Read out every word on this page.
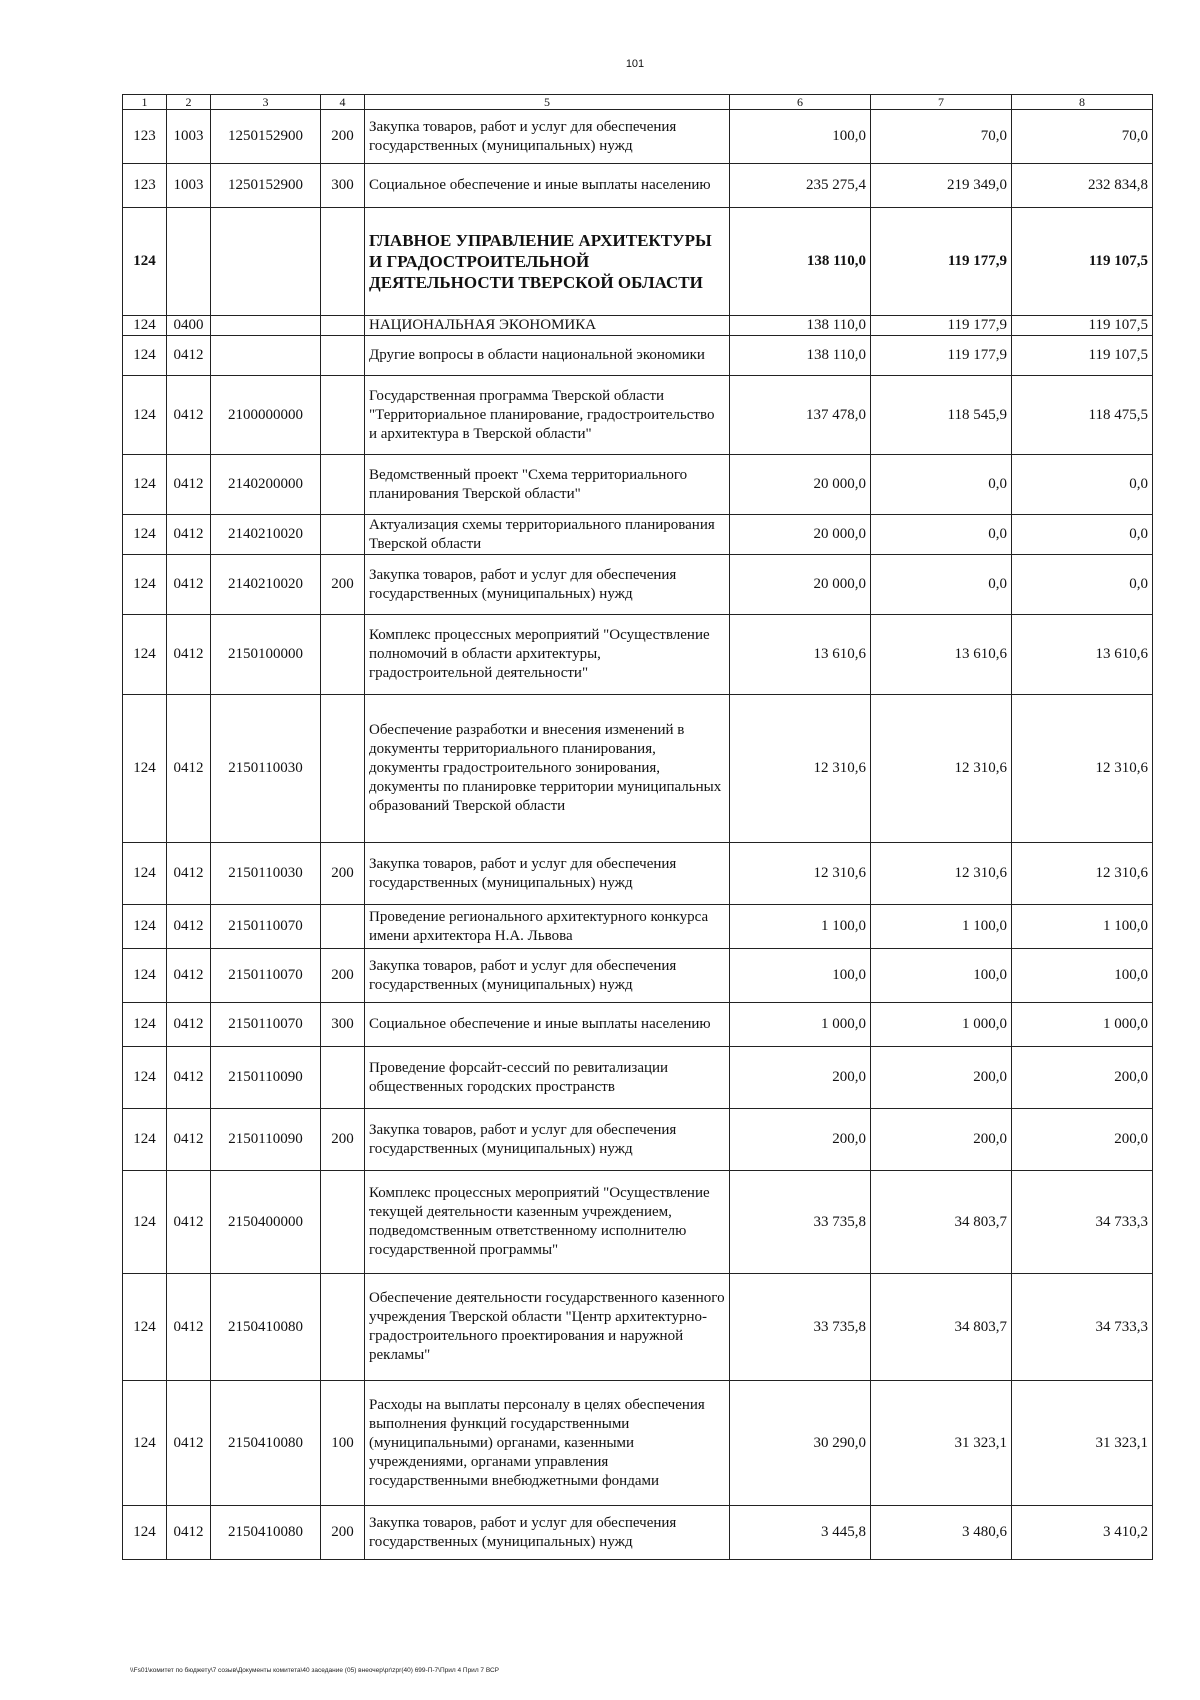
101
1	2	3	4	5	6	7	8
123	1003	1250152900	200	Закупка товаров, работ и услуг для обеспечения государственных (муниципальных) нужд	100,0	70,0	70,0
123	1003	1250152900	300	Социальное обеспечение и иные выплаты населению	235 275,4	219 349,0	232 834,8
124				ГЛАВНОЕ УПРАВЛЕНИЕ АРХИТЕКТУРЫ И ГРАДОСТРОИТЕЛЬНОЙ ДЕЯТЕЛЬНОСТИ ТВЕРСКОЙ ОБЛАСТИ	138 110,0	119 177,9	119 107,5
124	0400			НАЦИОНАЛЬНАЯ ЭКОНОМИКА	138 110,0	119 177,9	119 107,5
124	0412			Другие вопросы в области национальной экономики	138 110,0	119 177,9	119 107,5
124	0412	2100000000		Государственная программа Тверской области "Территориальное планирование, градостроительство и архитектура в Тверской области"	137 478,0	118 545,9	118 475,5
124	0412	2140200000		Ведомственный проект "Схема территориального планирования Тверской области"	20 000,0	0,0	0,0
124	0412	2140210020		Актуализация схемы территориального планирования Тверской области	20 000,0	0,0	0,0
124	0412	2140210020	200	Закупка товаров, работ и услуг для обеспечения государственных (муниципальных) нужд	20 000,0	0,0	0,0
124	0412	2150100000		Комплекс процессных мероприятий "Осуществление полномочий в области архитектуры, градостроительной деятельности"	13 610,6	13 610,6	13 610,6
124	0412	2150110030		Обеспечение разработки и внесения изменений в документы территориального планирования, документы градостроительного зонирования, документы по планировке территории муниципальных образований Тверской области	12 310,6	12 310,6	12 310,6
124	0412	2150110030	200	Закупка товаров, работ и услуг для обеспечения государственных (муниципальных) нужд	12 310,6	12 310,6	12 310,6
124	0412	2150110070		Проведение регионального архитектурного конкурса имени архитектора Н.А. Львова	1 100,0	1 100,0	1 100,0
124	0412	2150110070	200	Закупка товаров, работ и услуг для обеспечения государственных (муниципальных) нужд	100,0	100,0	100,0
124	0412	2150110070	300	Социальное обеспечение и иные выплаты населению	1 000,0	1 000,0	1 000,0
124	0412	2150110090		Проведение форсайт-сессий по ревитализации общественных городских пространств	200,0	200,0	200,0
124	0412	2150110090	200	Закупка товаров, работ и услуг для обеспечения государственных (муниципальных) нужд	200,0	200,0	200,0
124	0412	2150400000		Комплекс процессных мероприятий "Осуществление текущей деятельности казенным учреждением, подведомственным ответственному исполнителю государственной программы"	33 735,8	34 803,7	34 733,3
124	0412	2150410080		Обеспечение деятельности государственного казенного учреждения Тверской области "Центр архитектурно-градостроительного проектирования и наружной рекламы"	33 735,8	34 803,7	34 733,3
124	0412	2150410080	100	Расходы на выплаты персоналу в целях обеспечения выполнения функций государственными (муниципальными) органами, казенными учреждениями, органами управления государственными внебюджетными фондами	30 290,0	31 323,1	31 323,1
124	0412	2150410080	200	Закупка товаров, работ и услуг для обеспечения государственных (муниципальных) нужд	3 445,8	3 480,6	3 410,2
\\Fs01\комитет по бюджету\7 созыв\Документы комитета\40 заседание (05) внеочер\pr\zpr(40) 699-П-7\Прил 4 Прил 7 ВСР
